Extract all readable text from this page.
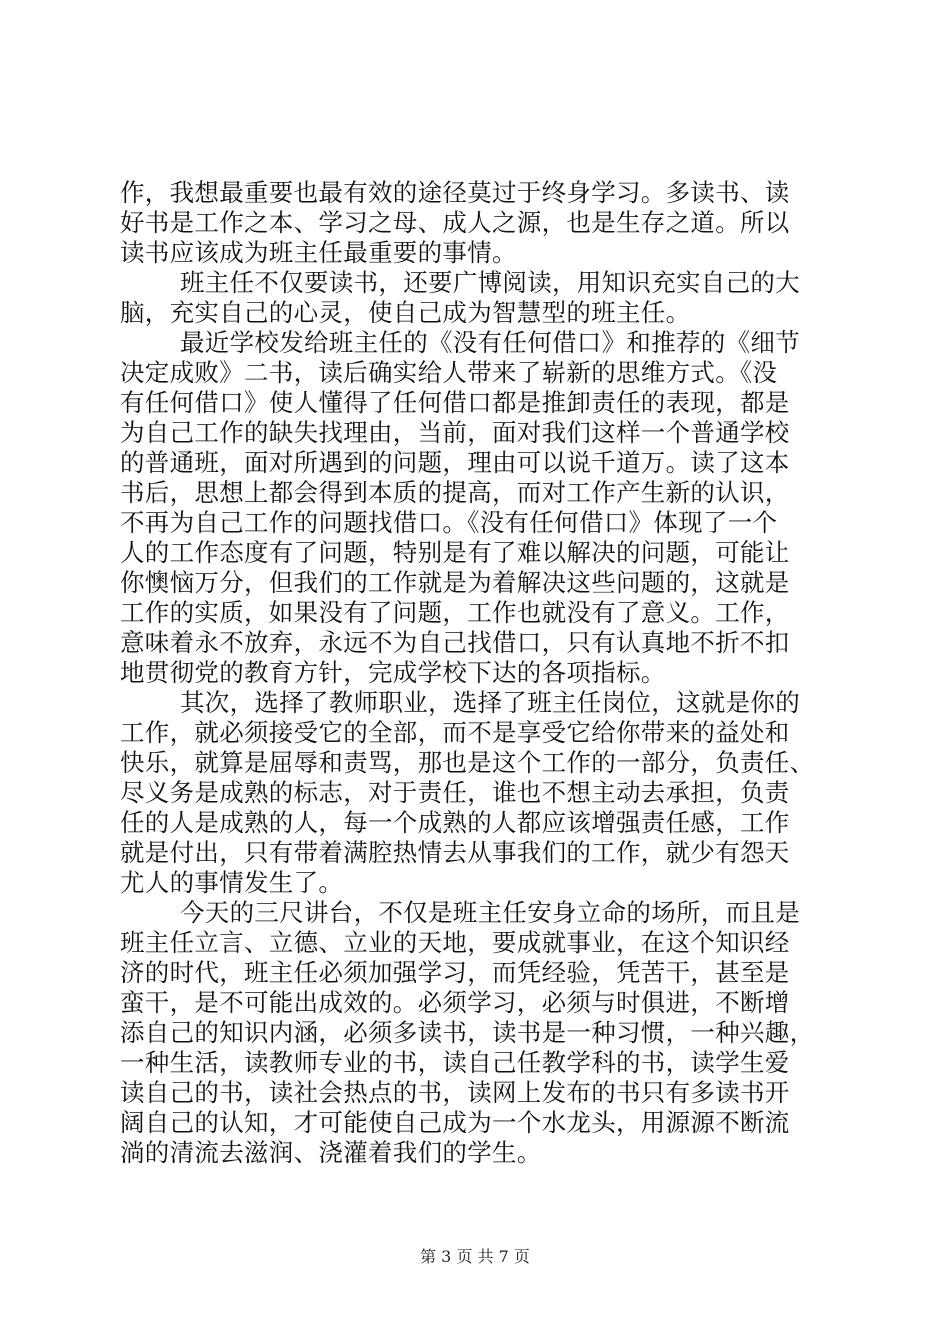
作，我想最重要也最有效的途径莫过于终身学习。多读书、读
好书是工作之本、学习之母、成人之源，也是生存之道。所以
读书应该成为班主任最重要的事情。
班主任不仅要读书，还要广博阅读，用知识充实自己的大
脑，充实自己的心灵，使自己成为智慧型的班主任。
最近学校发给班主任的《没有任何借口》和推荐的《细节
决定成败》二书，读后确实给人带来了崭新的思维方式。《没
有任何借口》使人懂得了任何借口都是推卸责任的表现，都是
为自己工作的缺失找理由，当前，面对我们这样一个普通学校
的普通班，面对所遇到的问题，理由可以说千道万。读了这本
书后，思想上都会得到本质的提高，而对工作产生新的认识，
不再为自己工作的问题找借口。《没有任何借口》体现了一个
人的工作态度有了问题，特别是有了难以解决的问题，可能让
你懊恼万分，但我们的工作就是为着解决这些问题的，这就是
工作的实质，如果没有了问题，工作也就没有了意义。工作，
意味着永不放弃，永远不为自己找借口，只有认真地不折不扣
地贯彻党的教育方针，完成学校下达的各项指标。
其次，选择了教师职业，选择了班主任岗位，这就是你的
工作，就必须接受它的全部，而不是享受它给你带来的益处和
快乐，就算是屈辱和责骂，那也是这个工作的一部分，负责任、
尽义务是成熟的标志，对于责任，谁也不想主动去承担，负责
任的人是成熟的人，每一个成熟的人都应该增强责任感，工作
就是付出，只有带着满腔热情去从事我们的工作，就少有怨天
尤人的事情发生了。
今天的三尺讲台，不仅是班主任安身立命的场所，而且是
班主任立言、立德、立业的天地，要成就事业，在这个知识经
济的时代，班主任必须加强学习，而凭经验，凭苦干，甚至是
蛮干，是不可能出成效的。必须学习，必须与时俱进，不断增
添自己的知识内涵，必须多读书，读书是一种习惯，一种兴趣，
一种生活，读教师专业的书，读自己任教学科的书，读学生爱
读自己的书，读社会热点的书，读网上发布的书只有多读书开
阔自己的认知，才可能使自己成为一个水龙头，用源源不断流
淌的清流去滋润、浇灌着我们的学生。
第 3 页 共 7 页
